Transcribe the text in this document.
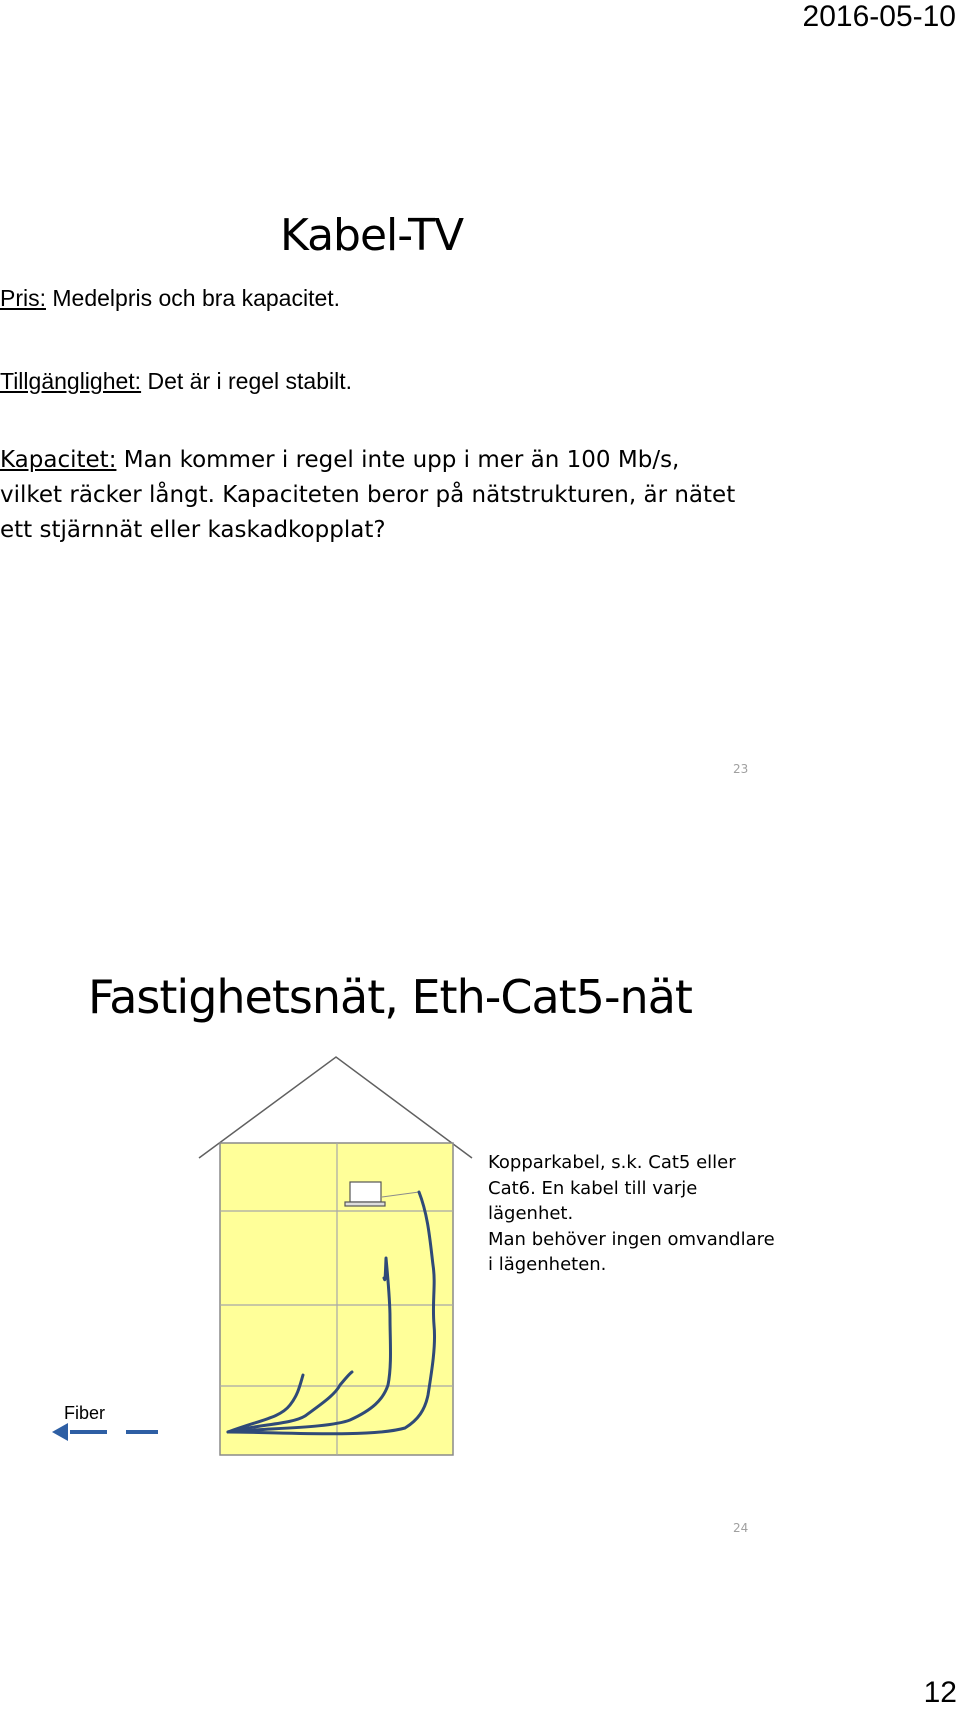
2016-05-10
Kabel-TV
Pris: Medelpris och bra kapacitet.
Tillgänglighet: Det är i regel stabilt.
Kapacitet: Man kommer i regel inte upp i mer än 100 Mb/s,
vilket räcker långt. Kapaciteten beror på nätstrukturen, är nätet
ett stjärnnät eller kaskadkopplat?
23
Fastighetsnät, Eth-Cat5-nät
Kopparkabel, s.k. Cat5 eller
Cat6. En kabel till varje
lägenhet.
Man behöver ingen omvandlare
i lägenheten.
Fiber
24
12
